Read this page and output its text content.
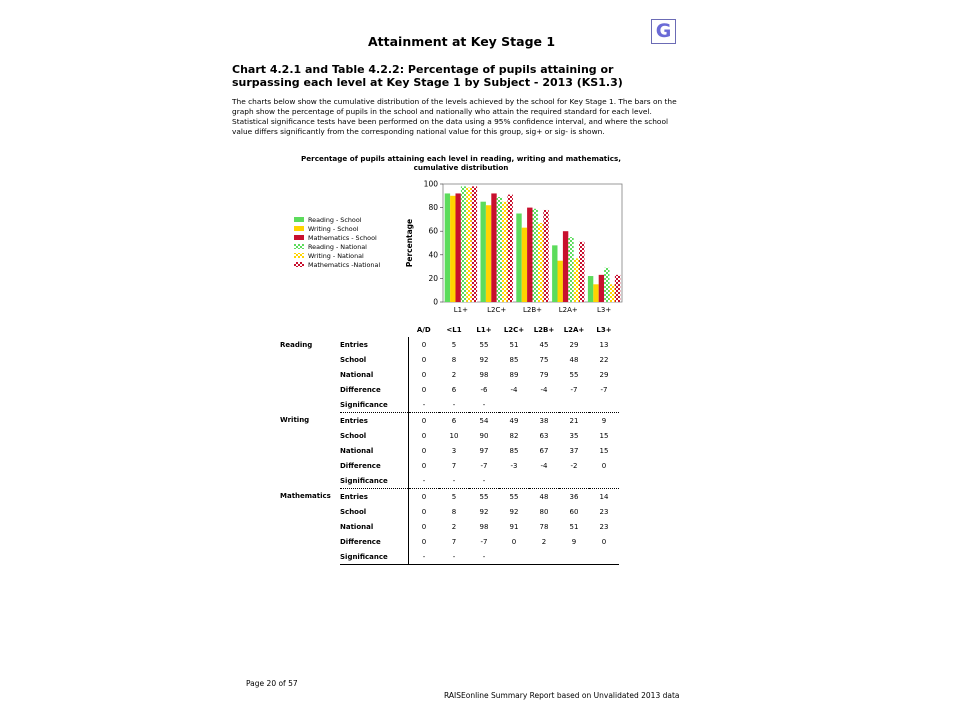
Attainment at Key Stage 1	G
Chart 4.2.1 and Table 4.2.2: Percentage of pupils attaining or surpassing each level at Key Stage 1 by Subject - 2013 (KS1.3)
The charts below show the cumulative distribution of the levels achieved by the school for Key Stage 1. The bars on the graph show the percentage of pupils in the school and nationally who attain the required standard for each level. Statistical significance tests have been performed on the data using a 95% confidence interval, and where the school value differs significantly from the corresponding national value for this group, sig+ or sig- is shown.
Percentage of pupils attaining each level in reading, writing and mathematics, cumulative distribution
0
20
40
60
80
100
Percentage
L1+	L2C+ L2B+ L2A+	L3+
Reading - School
Writing - School
Mathematics - School
Reading - National
Writing - National
Mathematics -National
		A/D	<L1	L1+	L2C+	L2B+	L2A+	L3+
Reading	Entries	0	5	55	51	45	29	13
	School	0	8	92	85	75	48	22
	National	0	2	98	89	79	55	29
	Difference	0	6	-6	-4	-4	-7	-7
	Significance	-	-	-				
Writing	Entries	0	6	54	49	38	21	9
	School	0	10	90	82	63	35	15
	National	0	3	97	85	67	37	15
	Difference	0	7	-7	-3	-4	-2	0
	Significance	-	-	-				
Mathematics	Entries	0	5	55	55	48	36	14
	School	0	8	92	92	80	60	23
	National	0	2	98	91	78	51	23
	Difference	0	7	-7	0	2	9	0
	Significance	-	-	-				
Page 20 of 57
RAISEonline Summary Report based on Unvalidated 2013 data
